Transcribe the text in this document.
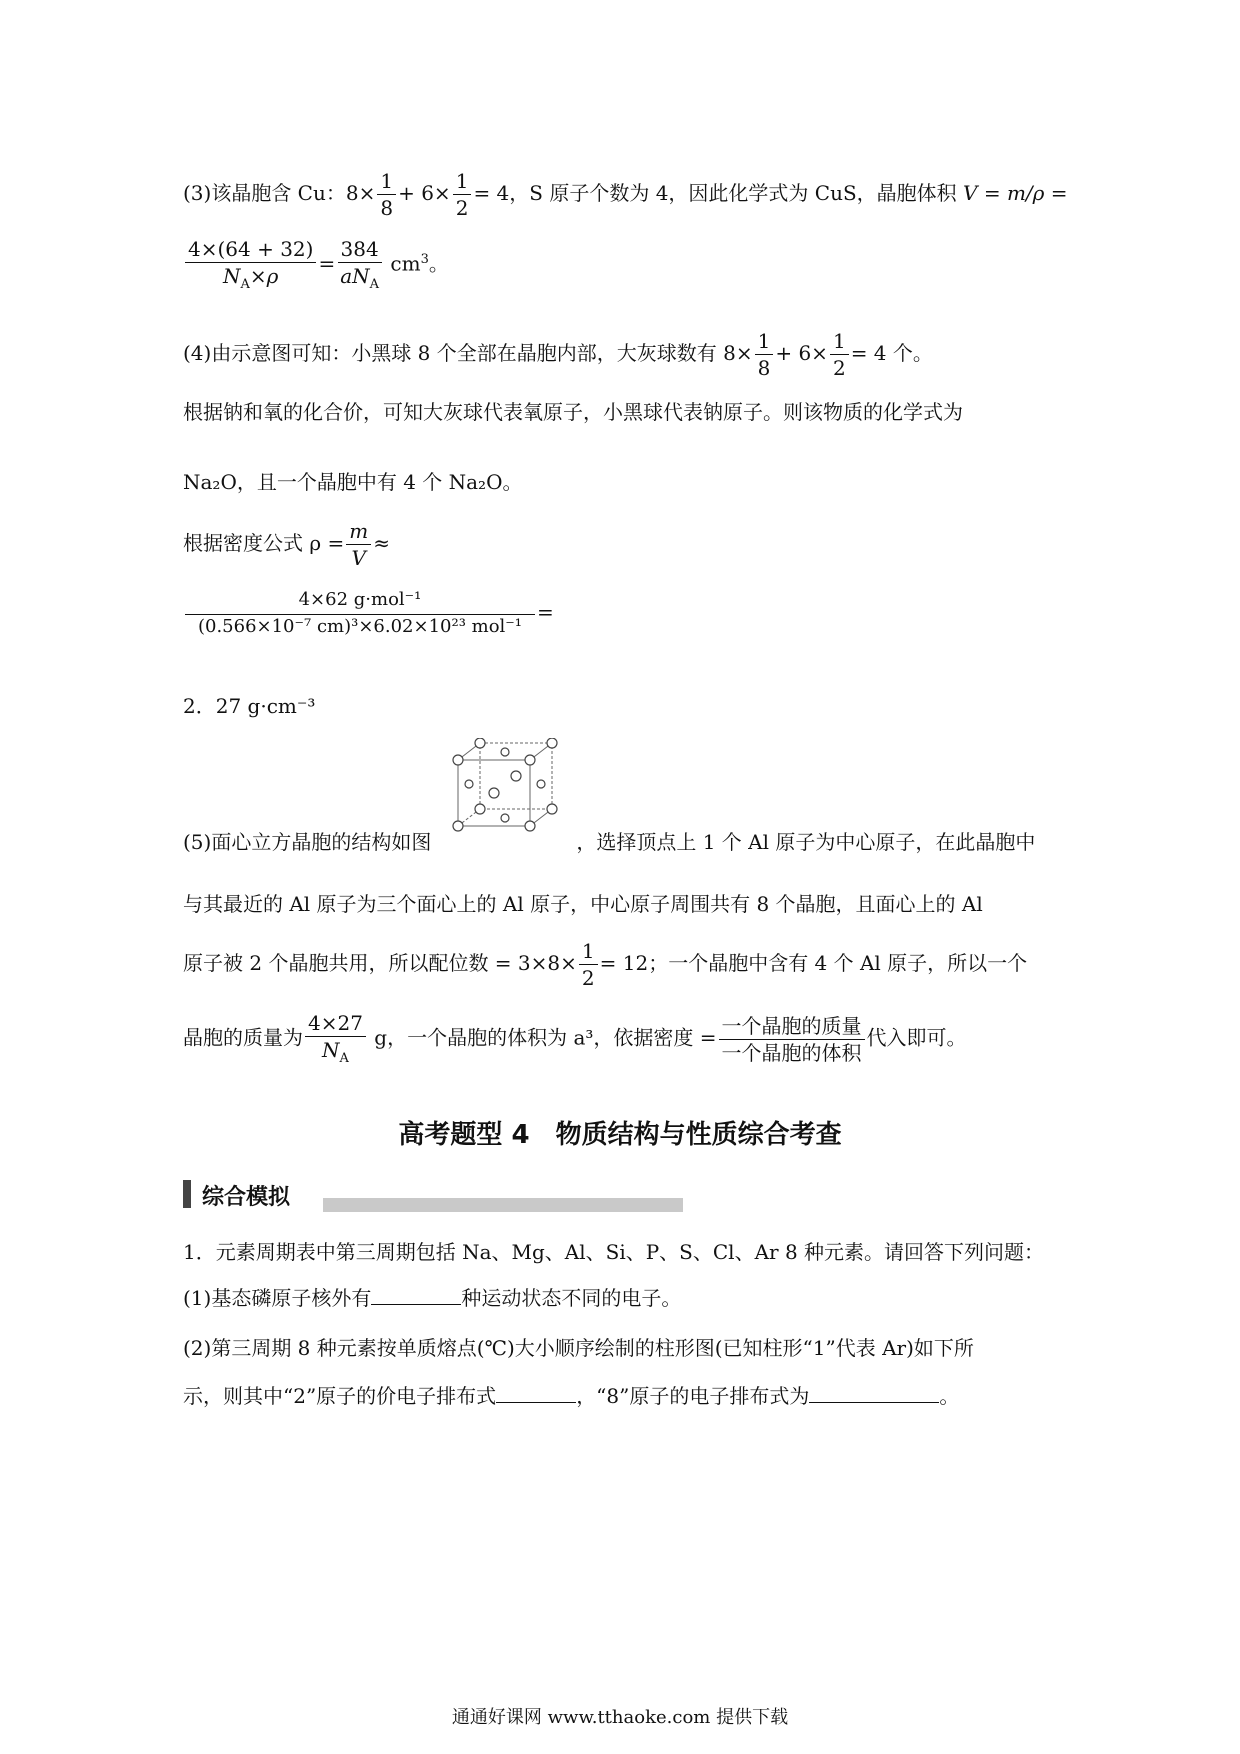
(3)该晶胞含 Cu：$8\times \frac{1}{8} + 6\times \frac{1}{2} = 4$，S 原子个数为 4，因此化学式为 CuS，晶胞体积 V = m/ρ =
$\frac{4\times(64 + 32)}{N_A\times\rho} = \frac{384}{aN_A} cm^3$。
(4)由示意图可知：小黑球 8 个全部在晶胞内部，大灰球数有 $8\times \frac{1}{8} + 6\times \frac{1}{2} = 4$ 个。
根据钠和氧的化合价，可知大灰球代表氧原子，小黑球代表钠原子。则该物质的化学式为
Na₂O，且一个晶胞中有 4 个 Na₂O。
根据密度公式 $\rho = \frac{m}{V}$ ≈
$\frac{\text{4×62 g·mol⁻¹}}{\text{(0.566×10⁻⁷ cm)³×6.02×10²³ mol⁻¹}}$ =
2．27 g·cm⁻³
(5)面心立方晶胞的结构如图	，选择顶点上 1 个 Al 原子为中心原子，在此晶胞中
与其最近的 Al 原子为三个面心上的 Al 原子，中心原子周围共有 8 个晶胞，且面心上的 Al
原子被 2 个晶胞共用，所以配位数 = $3\times 8\times \frac{1}{2} = 12$；一个晶胞中含有 4 个 Al 原子，所以一个
晶胞的质量为 $\frac{4\times 27}{N_A}$ g，一个晶胞的体积为 a³，依据密度 = $\frac{\text{一个晶胞的质量}}{\text{一个晶胞的体积}}$ 代入即可。
高考题型 4　物质结构与性质综合考查
综合模拟
1．元素周期表中第三周期包括 Na、Mg、Al、Si、P、S、Cl、Ar 8 种元素。请回答下列问题：
(1)基态磷原子核外有	种运动状态不同的电子。
(2)第三周期 8 种元素按单质熔点(℃)大小顺序绘制的柱形图(已知柱形“1”代表 Ar)如下所
示，则其中“2”原子的价电子排布式	，“8”原子的电子排布式为	。
通通好课网 www.tthaoke.com 提供下载
